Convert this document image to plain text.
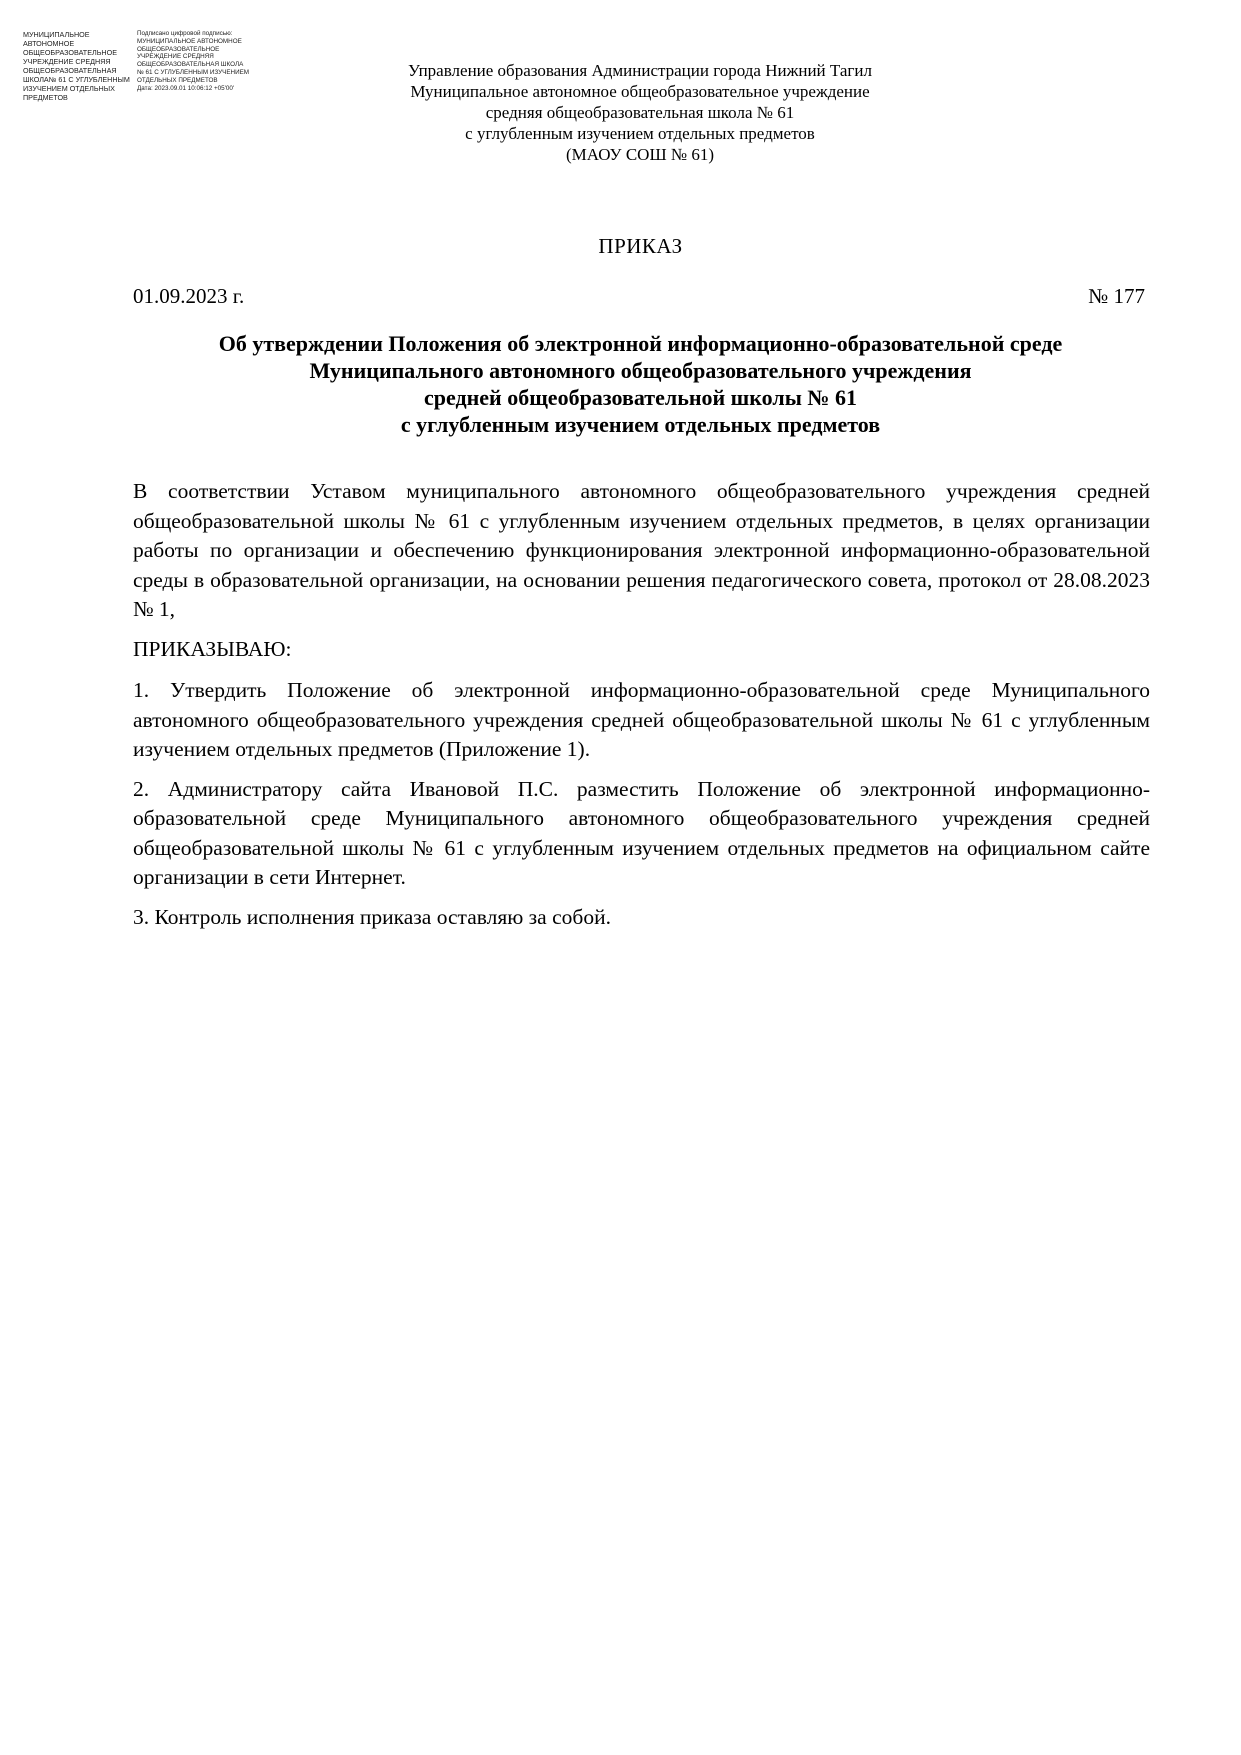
МУНИЦИПАЛЬНОЕ
АВТОНОМНОЕ
ОБЩЕОБРАЗОВАТЕЛЬНОЕ
УЧРЕЖДЕНИЕ СРЕДНЯЯ
ОБЩЕОБРАЗОВАТЕЛЬНАЯ
ШКОЛА№ 61 С УГЛУБЛЕННЫМ
ИЗУЧЕНИЕМ ОТДЕЛЬНЫХ
ПРЕДМЕТОВ
Подписано цифровой подписью:
МУНИЦИПАЛЬНОЕ АВТОНОМНОЕ
ОБЩЕОБРАЗОВАТЕЛЬНОЕ
УЧРЕЖДЕНИЕ СРЕДНЯЯ
ОБЩЕОБРАЗОВАТЕЛЬНАЯ ШКОЛА
№ 61 С УГЛУБЛЕННЫМ ИЗУЧЕНИЕМ
ОТДЕЛЬНЫХ ПРЕДМЕТОВ
Дата: 2023.09.01 10:06:12 +05'00'
Управление образования Администрации города Нижний Тагил
Муниципальное автономное общеобразовательное учреждение
средняя общеобразовательная школа № 61
с углубленным изучением отдельных предметов
(МАОУ СОШ № 61)
ПРИКАЗ
01.09.2023 г.	№ 177
Об утверждении Положения об электронной информационно-образовательной среде
Муниципального автономного общеобразовательного учреждения
средней общеобразовательной школы № 61
с углубленным изучением отдельных предметов

В соответствии Уставом муниципального автономного общеобразовательного учреждения средней общеобразовательной школы № 61 с углубленным изучением отдельных предметов, в целях организации работы по организации и обеспечению функционирования электронной информационно-образовательной среды в образовательной организации, на основании решения педагогического совета, протокол от 28.08.2023 № 1,

ПРИКАЗЫВАЮ:

1. Утвердить Положение об электронной информационно-образовательной среде Муниципального автономного общеобразовательного учреждения средней общеобразовательной школы № 61 с углубленным изучением отдельных предметов (Приложение 1).

2. Администратору сайта Ивановой П.С. разместить Положение об электронной информационно-образовательной среде Муниципального автономного общеобразовательного учреждения средней общеобразовательной школы № 61 с углубленным изучением отдельных предметов на официальном сайте организации в сети Интернет.

3. Контроль исполнения приказа оставляю за собой.
